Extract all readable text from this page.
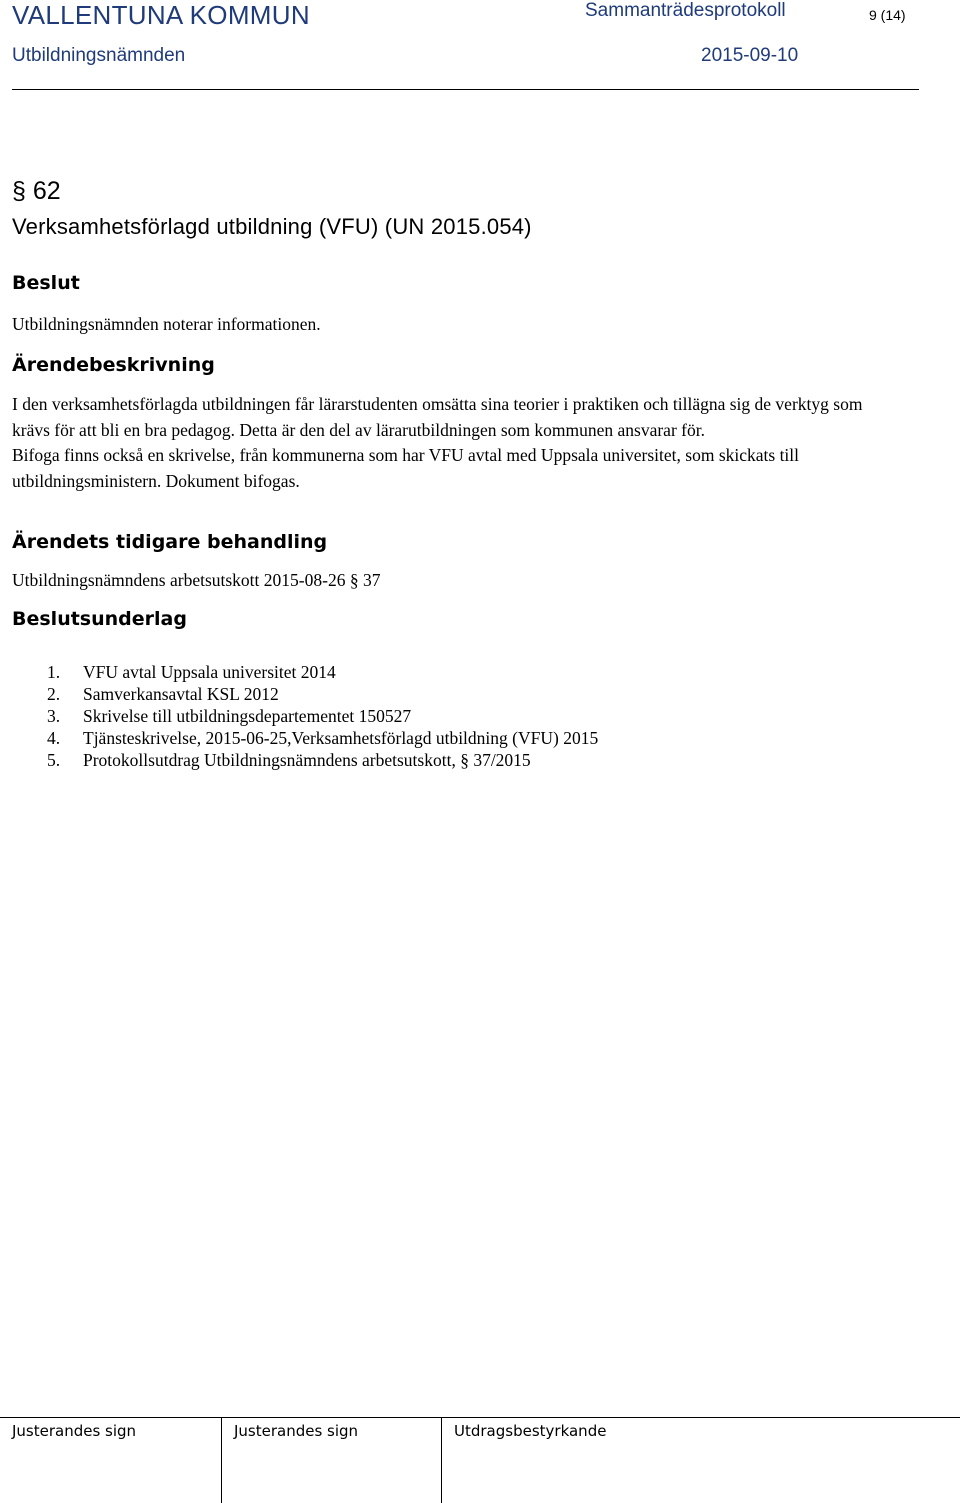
VALLENTUNA KOMMUN	Sammanträdesprotokoll	9 (14)
Utbildningsnämnden	2015-09-10
§ 62
Verksamhetsförlagd utbildning (VFU) (UN 2015.054)
Beslut
Utbildningsnämnden noterar informationen.
Ärendebeskrivning

I den verksamhetsförlagda utbildningen får lärarstudenten omsätta sina teorier i praktiken och tillägna sig de verktyg som krävs för att bli en bra pedagog. Detta är den del av lärarutbildningen som kommunen ansvarar för.

Bifoga finns också en skrivelse, från kommunerna som har VFU avtal med Uppsala universitet, som skickats till utbildningsministern. Dokument bifogas.

Ärendets tidigare behandling
Utbildningsnämndens arbetsutskott 2015-08-26 § 37
Beslutsunderlag
1.	VFU avtal Uppsala universitet 2014
2.	Samverkansavtal KSL 2012
3.	Skrivelse till utbildningsdepartementet 150527
4.	Tjänsteskrivelse, 2015-06-25,Verksamhetsförlagd utbildning (VFU) 2015
5.	Protokollsutdrag Utbildningsnämndens arbetsutskott, § 37/2015
Justerandes sign	Justerandes sign	Utdragsbestyrkande
